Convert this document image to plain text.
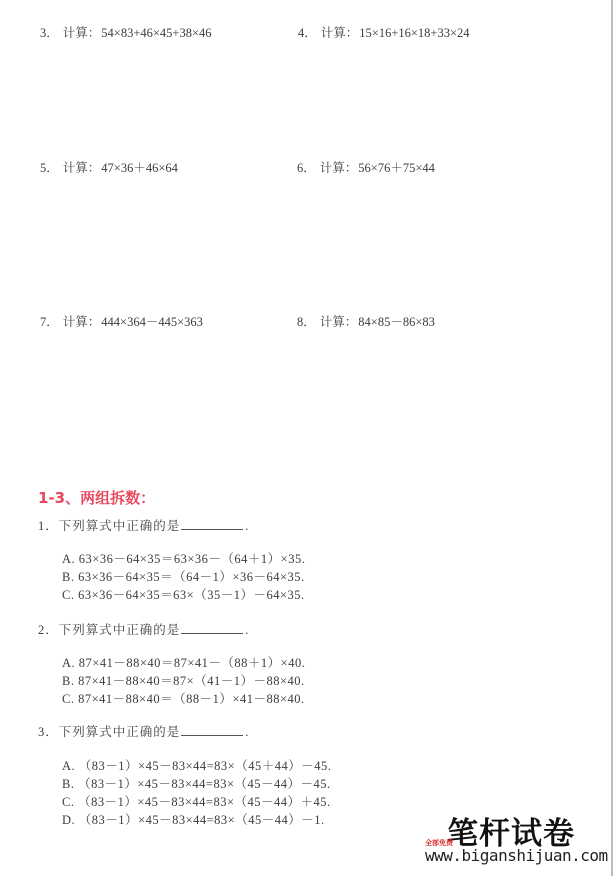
3． 计算：54×83+46×45+38×46	4． 计算：15×16+16×18+33×24
5． 计算：47×36＋46×64	6． 计算：56×76＋75×44
7． 计算：444×364－445×363	8． 计算：84×85－86×83
1-3、两组拆数：
1．下列算式中正确的是	.
A. 63×36－64×35＝63×36－（64＋1）×35.
B. 63×36－64×35＝（64－1）×36－64×35.
C. 63×36－64×35＝63×（35－1）－64×35.
2．下列算式中正确的是	.
A. 87×41－88×40＝87×41－（88＋1）×40.
B. 87×41－88×40＝87×（41－1）－88×40.
C. 87×41－88×40＝（88－1）×41－88×40.
3．下列算式中正确的是	.
A. （83－1）×45－83×44=83×（45＋44）－45.
B. （83－1）×45－83×44=83×（45－44）－45.
C. （83－1）×45－83×44=83×（45－44）＋45.
D. （83－1）×45－83×44=83×（45－44）－1.	笔杆试卷
全部免费
www.biganshijuan.com
